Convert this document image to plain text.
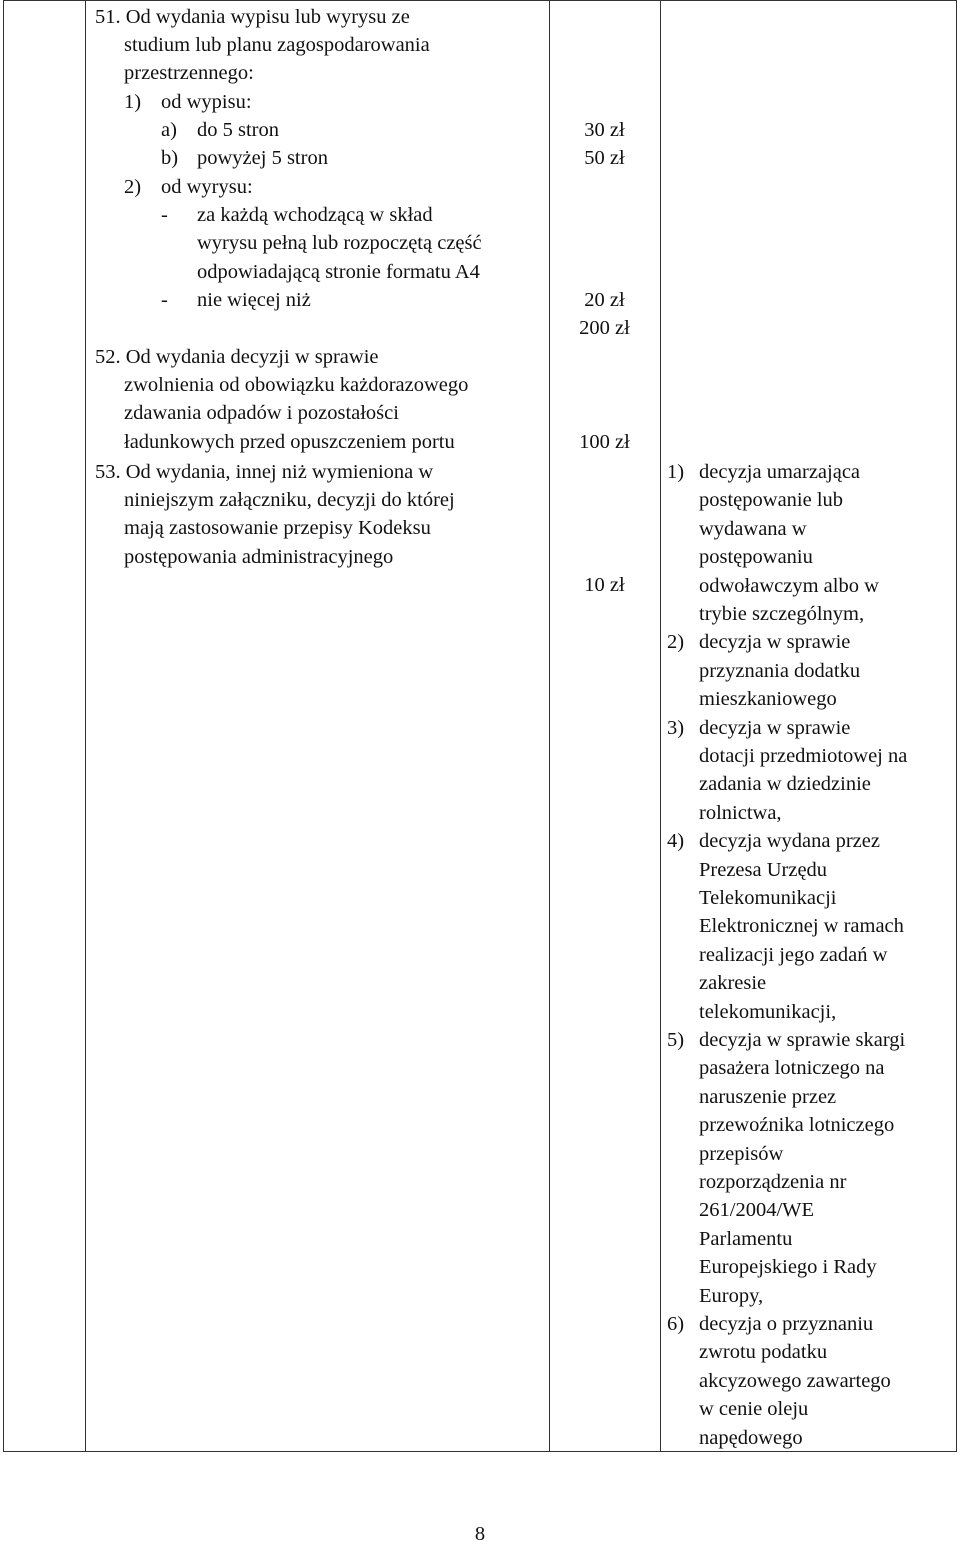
51. Od wydania wypisu lub wyrysu ze
studium lub planu zagospodarowania
przestrzennego:
1) od wypisu:
a) do 5 stron
b) powyżej 5 stron
2) od wyrysu:
- za każdą wchodzącą w skład
wyrysu pełną lub rozpoczętą część
odpowiadającą stronie formatu A4
- nie więcej niż
52. Od wydania decyzji w sprawie
zwolnienia od obowiązku każdorazowego
zdawania odpadów i pozostałości
ładunkowych przed opuszczeniem portu
53. Od wydania, innej niż wymieniona w
niniejszym załączniku, decyzji do której
mają zastosowanie przepisy Kodeksu
postępowania administracyjnego
30 zł
50 zł
20 zł
200 zł
100 zł
10 zł
1) decyzja umarzająca
postępowanie lub
wydawana w
postępowaniu
odwoławczym albo w
trybie szczególnym,
2) decyzja w sprawie
przyznania dodatku
mieszkaniowego
3) decyzja w sprawie
dotacji przedmiotowej na
zadania w dziedzinie
rolnictwa,
4) decyzja wydana przez
Prezesa Urzędu
Telekomunikacji
Elektronicznej w ramach
realizacji jego zadań w
zakresie
telekomunikacji,
5) decyzja w sprawie skargi
pasażera lotniczego na
naruszenie przez
przewoźnika lotniczego
przepisów
rozporządzenia nr
261/2004/WE
Parlamentu
Europejskiego i Rady
Europy,
6) decyzja o przyznaniu
zwrotu podatku
akcyzowego zawartego
w cenie oleju
napędowego
8
